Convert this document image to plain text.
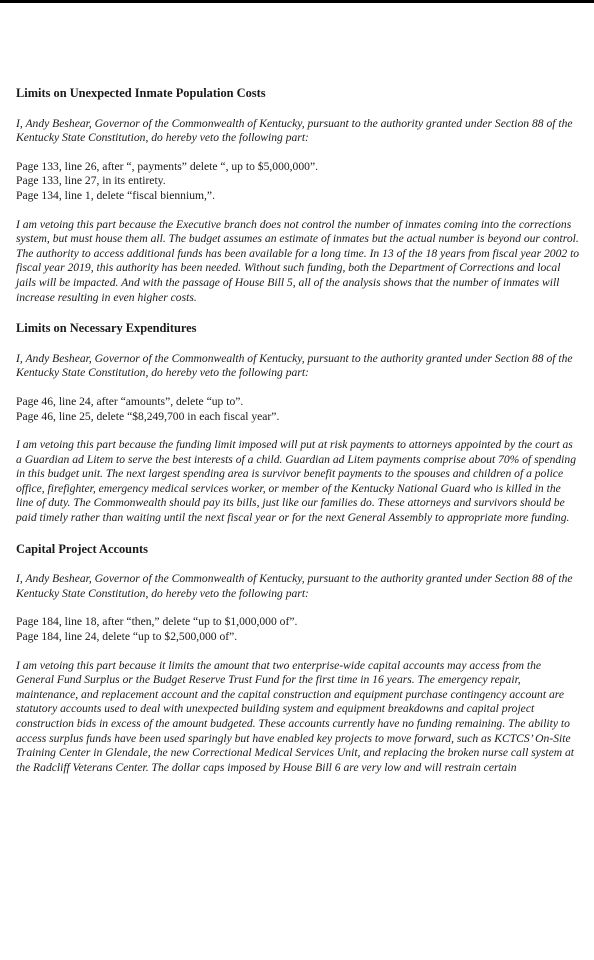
Limits on Unexpected Inmate Population Costs
I, Andy Beshear, Governor of the Commonwealth of Kentucky, pursuant to the authority granted under Section 88 of the Kentucky State Constitution, do hereby veto the following part:
Page 133, line 26, after “, payments” delete “, up to $5,000,000”.
Page 133, line 27, in its entirety.
Page 134, line 1, delete “fiscal biennium,”.
I am vetoing this part because the Executive branch does not control the number of inmates coming into the corrections system, but must house them all. The budget assumes an estimate of inmates but the actual number is beyond our control. The authority to access additional funds has been available for a long time. In 13 of the 18 years from fiscal year 2002 to fiscal year 2019, this authority has been needed. Without such funding, both the Department of Corrections and local jails will be impacted. And with the passage of House Bill 5, all of the analysis shows that the number of inmates will increase resulting in even higher costs.
Limits on Necessary Expenditures
I, Andy Beshear, Governor of the Commonwealth of Kentucky, pursuant to the authority granted under Section 88 of the Kentucky State Constitution, do hereby veto the following part:
Page 46, line 24, after “amounts”, delete “up to”.
Page 46, line 25, delete “$8,249,700 in each fiscal year”.
I am vetoing this part because the funding limit imposed will put at risk payments to attorneys appointed by the court as a Guardian ad Litem to serve the best interests of a child. Guardian ad Litem payments comprise about 70% of spending in this budget unit. The next largest spending area is survivor benefit payments to the spouses and children of a police office, firefighter, emergency medical services worker, or member of the Kentucky National Guard who is killed in the line of duty. The Commonwealth should pay its bills, just like our families do. These attorneys and survivors should be paid timely rather than waiting until the next fiscal year or for the next General Assembly to appropriate more funding.
Capital Project Accounts
I, Andy Beshear, Governor of the Commonwealth of Kentucky, pursuant to the authority granted under Section 88 of the Kentucky State Constitution, do hereby veto the following part:
Page 184, line 18, after “then,” delete “up to $1,000,000 of”.
Page 184, line 24, delete “up to $2,500,000 of”.
I am vetoing this part because it limits the amount that two enterprise-wide capital accounts may access from the General Fund Surplus or the Budget Reserve Trust Fund for the first time in 16 years. The emergency repair, maintenance, and replacement account and the capital construction and equipment purchase contingency account are statutory accounts used to deal with unexpected building system and equipment breakdowns and capital project construction bids in excess of the amount budgeted. These accounts currently have no funding remaining. The ability to access surplus funds have been used sparingly but have enabled key projects to move forward, such as KCTCS’ On-Site Training Center in Glendale, the new Correctional Medical Services Unit, and replacing the broken nurse call system at the Radcliff Veterans Center. The dollar caps imposed by House Bill 6 are very low and will restrain certain
